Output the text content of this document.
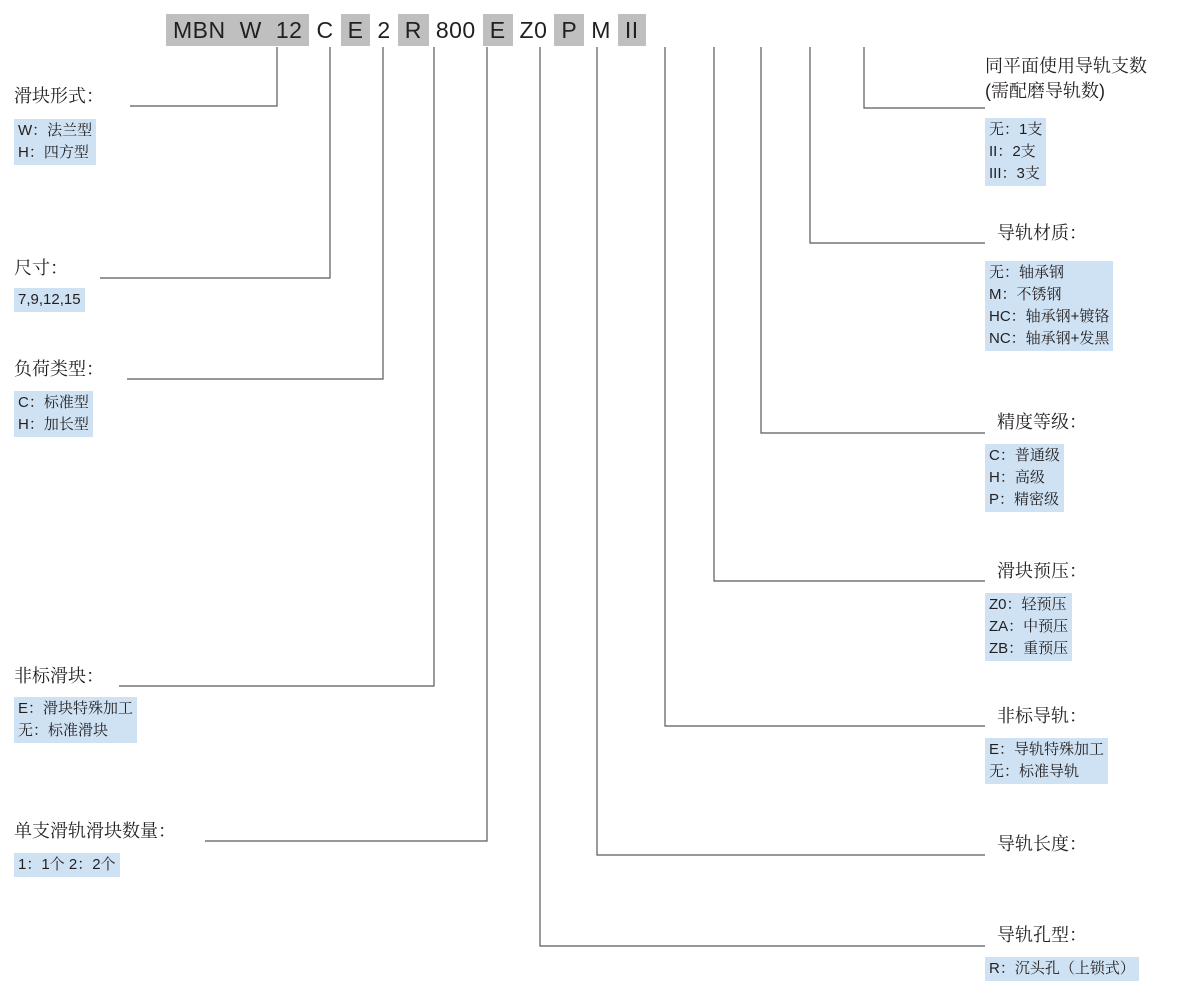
MBN W 12 C E 2 R 800 E Z0 P M II
滑块形式：
W：法兰型
H：四方型
尺寸：
7,9,12,15
负荷类型：
C：标准型
H：加长型
非标滑块：
E：滑块特殊加工
无：标准滑块
单支滑轨滑块数量：
1：1个 2：2个
同平面使用导轨支数
(需配磨导轨数)
无：1支
II：2支
III：3支
导轨材质：
无：轴承钢
M：不锈钢
HC：轴承钢+镀铬
NC：轴承钢+发黑
精度等级：
C：普通级
H：高级
P：精密级
滑块预压：
Z0：轻预压
ZA：中预压
ZB：重预压
非标导轨：
E：导轨特殊加工
无：标准导轨
导轨长度：
导轨孔型：
R：沉头孔（上锁式）
